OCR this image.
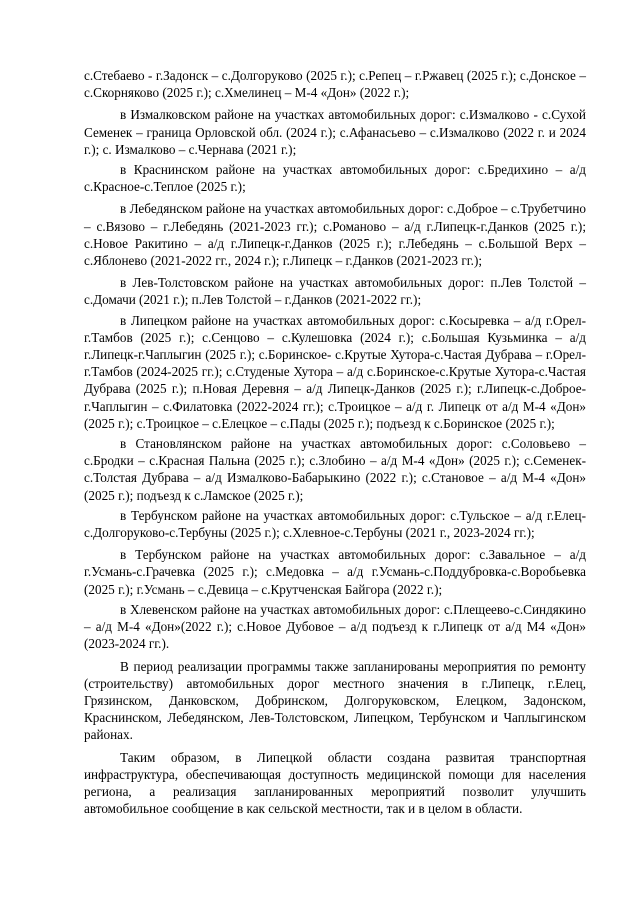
с.Стебаево - г.Задонск – с.Долгоруково (2025 г.); с.Репец – г.Ржавец (2025 г.); с.Донское – с.Скорняково (2025 г.); с.Хмелинец – М-4 «Дон» (2022 г.);

в Измалковском районе на участках автомобильных дорог: с.Измалково - с.Сухой Семенек – граница Орловской обл. (2024 г.); с.Афанасьево – с.Измалково (2022 г. и 2024 г.); с. Измалково – с.Чернава (2021 г.);

в Краснинском районе на участках автомобильных дорог: с.Бредихино – а/д с.Красное-с.Теплое (2025 г.);

в Лебедянском районе на участках автомобильных дорог: с.Доброе – с.Трубетчино – с.Вязово – г.Лебедянь (2021-2023 гг.); с.Романово – а/д г.Липецк-г.Данков (2025 г.); с.Новое Ракитино – а/д г.Липецк-г.Данков (2025 г.); г.Лебедянь – с.Большой Верх – с.Яблонево (2021-2022 гг., 2024 г.); г.Липецк – г.Данков (2021-2023 гг.);

в Лев-Толстовском районе на участках автомобильных дорог: п.Лев Толстой – с.Домачи (2021 г.); п.Лев Толстой – г.Данков (2021-2022 гг.);

в Липецком районе на участках автомобильных дорог: с.Косыревка – а/д г.Орел-г.Тамбов (2025 г.); с.Сенцово – с.Кулешовка (2024 г.); с.Большая Кузьминка – а/д г.Липецк-г.Чаплыгин (2025 г.); с.Боринское- с.Крутые Хутора-с.Частая Дубрава – г.Орел-г.Тамбов (2024-2025 гг.); с.Студеные Хутора – а/д с.Боринское-с.Крутые Хутора-с.Частая Дубрава (2025 г.); п.Новая Деревня – а/д Липецк-Данков (2025 г.); г.Липецк-с.Доброе-г.Чаплыгин – с.Филатовка (2022-2024 гг.); с.Троицкое – а/д г. Липецк от а/д М-4 «Дон» (2025 г.); с.Троицкое – с.Елецкое – с.Пады (2025 г.); подъезд к с.Боринское (2025 г.);

в Становлянском районе на участках автомобильных дорог: с.Соловьево – с.Бродки – с.Красная Пальна (2025 г.); с.Злобино – а/д М-4 «Дон» (2025 г.); с.Семенек-с.Толстая Дубрава – а/д Измалково-Бабарыкино (2022 г.); с.Становое – а/д М-4 «Дон» (2025 г.); подъезд к с.Ламское (2025 г.);

в Тербунском районе на участках автомобильных дорог: с.Тульское – а/д г.Елец-с.Долгоруково-с.Тербуны (2025 г.); с.Хлевное-с.Тербуны (2021 г., 2023-2024 гг.);

в Тербунском районе на участках автомобильных дорог: с.Завальное – а/д г.Усмань-с.Грачевка (2025 г.); с.Медовка – а/д г.Усмань-с.Поддубровка-с.Воробьевка (2025 г.); г.Усмань – с.Девица – с.Крутченская Байгора (2022 г.);

в Хлевенском районе на участках автомобильных дорог: с.Плещеево-с.Синдякино – а/д М-4 «Дон»(2022 г.); с.Новое Дубовое – а/д подъезд к г.Липецк от а/д М4 «Дон» (2023-2024 гг.).

В период реализации программы также запланированы мероприятия по ремонту (строительству) автомобильных дорог местного значения в г.Липецк, г.Елец, Грязинском, Данковском, Добринском, Долгоруковском, Елецком, Задонском, Краснинском, Лебедянском, Лев-Толстовском, Липецком, Тербунском и Чаплыгинском районах.

Таким образом, в Липецкой области создана развитая транспортная инфраструктура, обеспечивающая доступность медицинской помощи для населения региона, а реализация запланированных мероприятий позволит улучшить автомобильное сообщение в как сельской местности, так и в целом в области.
